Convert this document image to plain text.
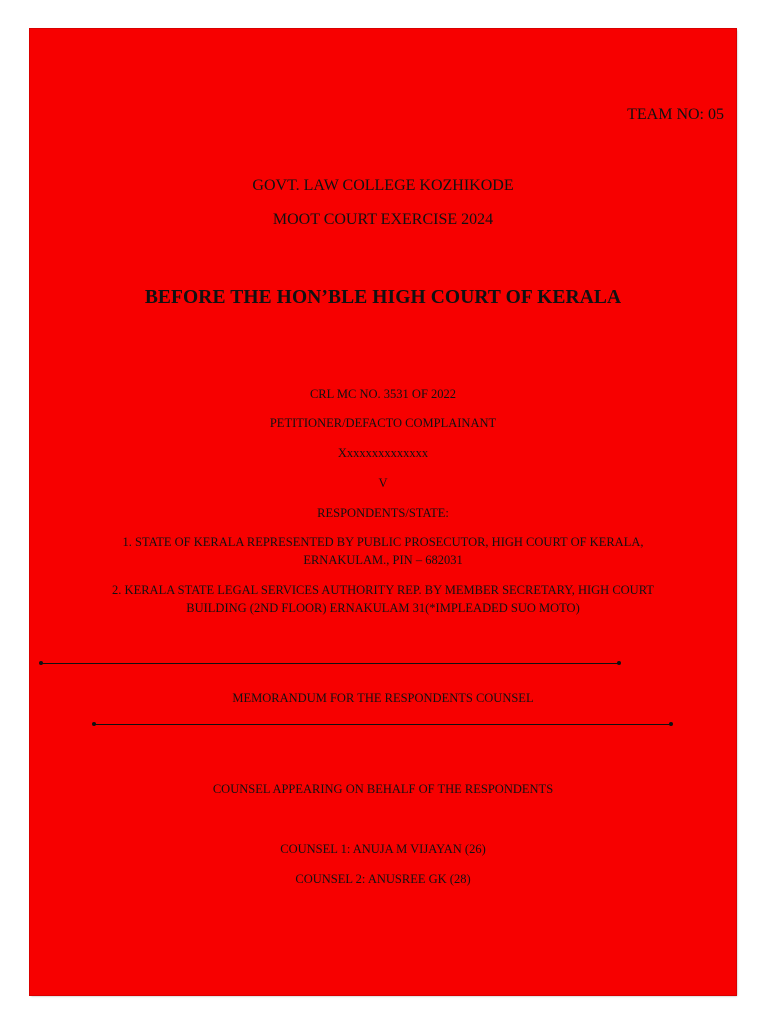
TEAM NO: 05
GOVT. LAW COLLEGE KOZHIKODE
MOOT COURT EXERCISE 2024
BEFORE THE HON’BLE HIGH COURT OF KERALA
CRL MC NO. 3531 OF 2022
PETITIONER/DEFACTO COMPLAINANT
Xxxxxxxxxxxxxx
V
RESPONDENTS/STATE:
1. STATE OF KERALA REPRESENTED BY PUBLIC PROSECUTOR, HIGH COURT OF KERALA,
ERNAKULAM., PIN – 682031
2. KERALA STATE LEGAL SERVICES AUTHORITY REP. BY MEMBER SECRETARY, HIGH COURT
BUILDING (2ND FLOOR) ERNAKULAM 31(*IMPLEADED SUO MOTO)
MEMORANDUM FOR THE RESPONDENTS COUNSEL
COUNSEL APPEARING ON BEHALF OF THE RESPONDENTS
COUNSEL 1: ANUJA M VIJAYAN (26)
COUNSEL 2: ANUSREE GK (28)
